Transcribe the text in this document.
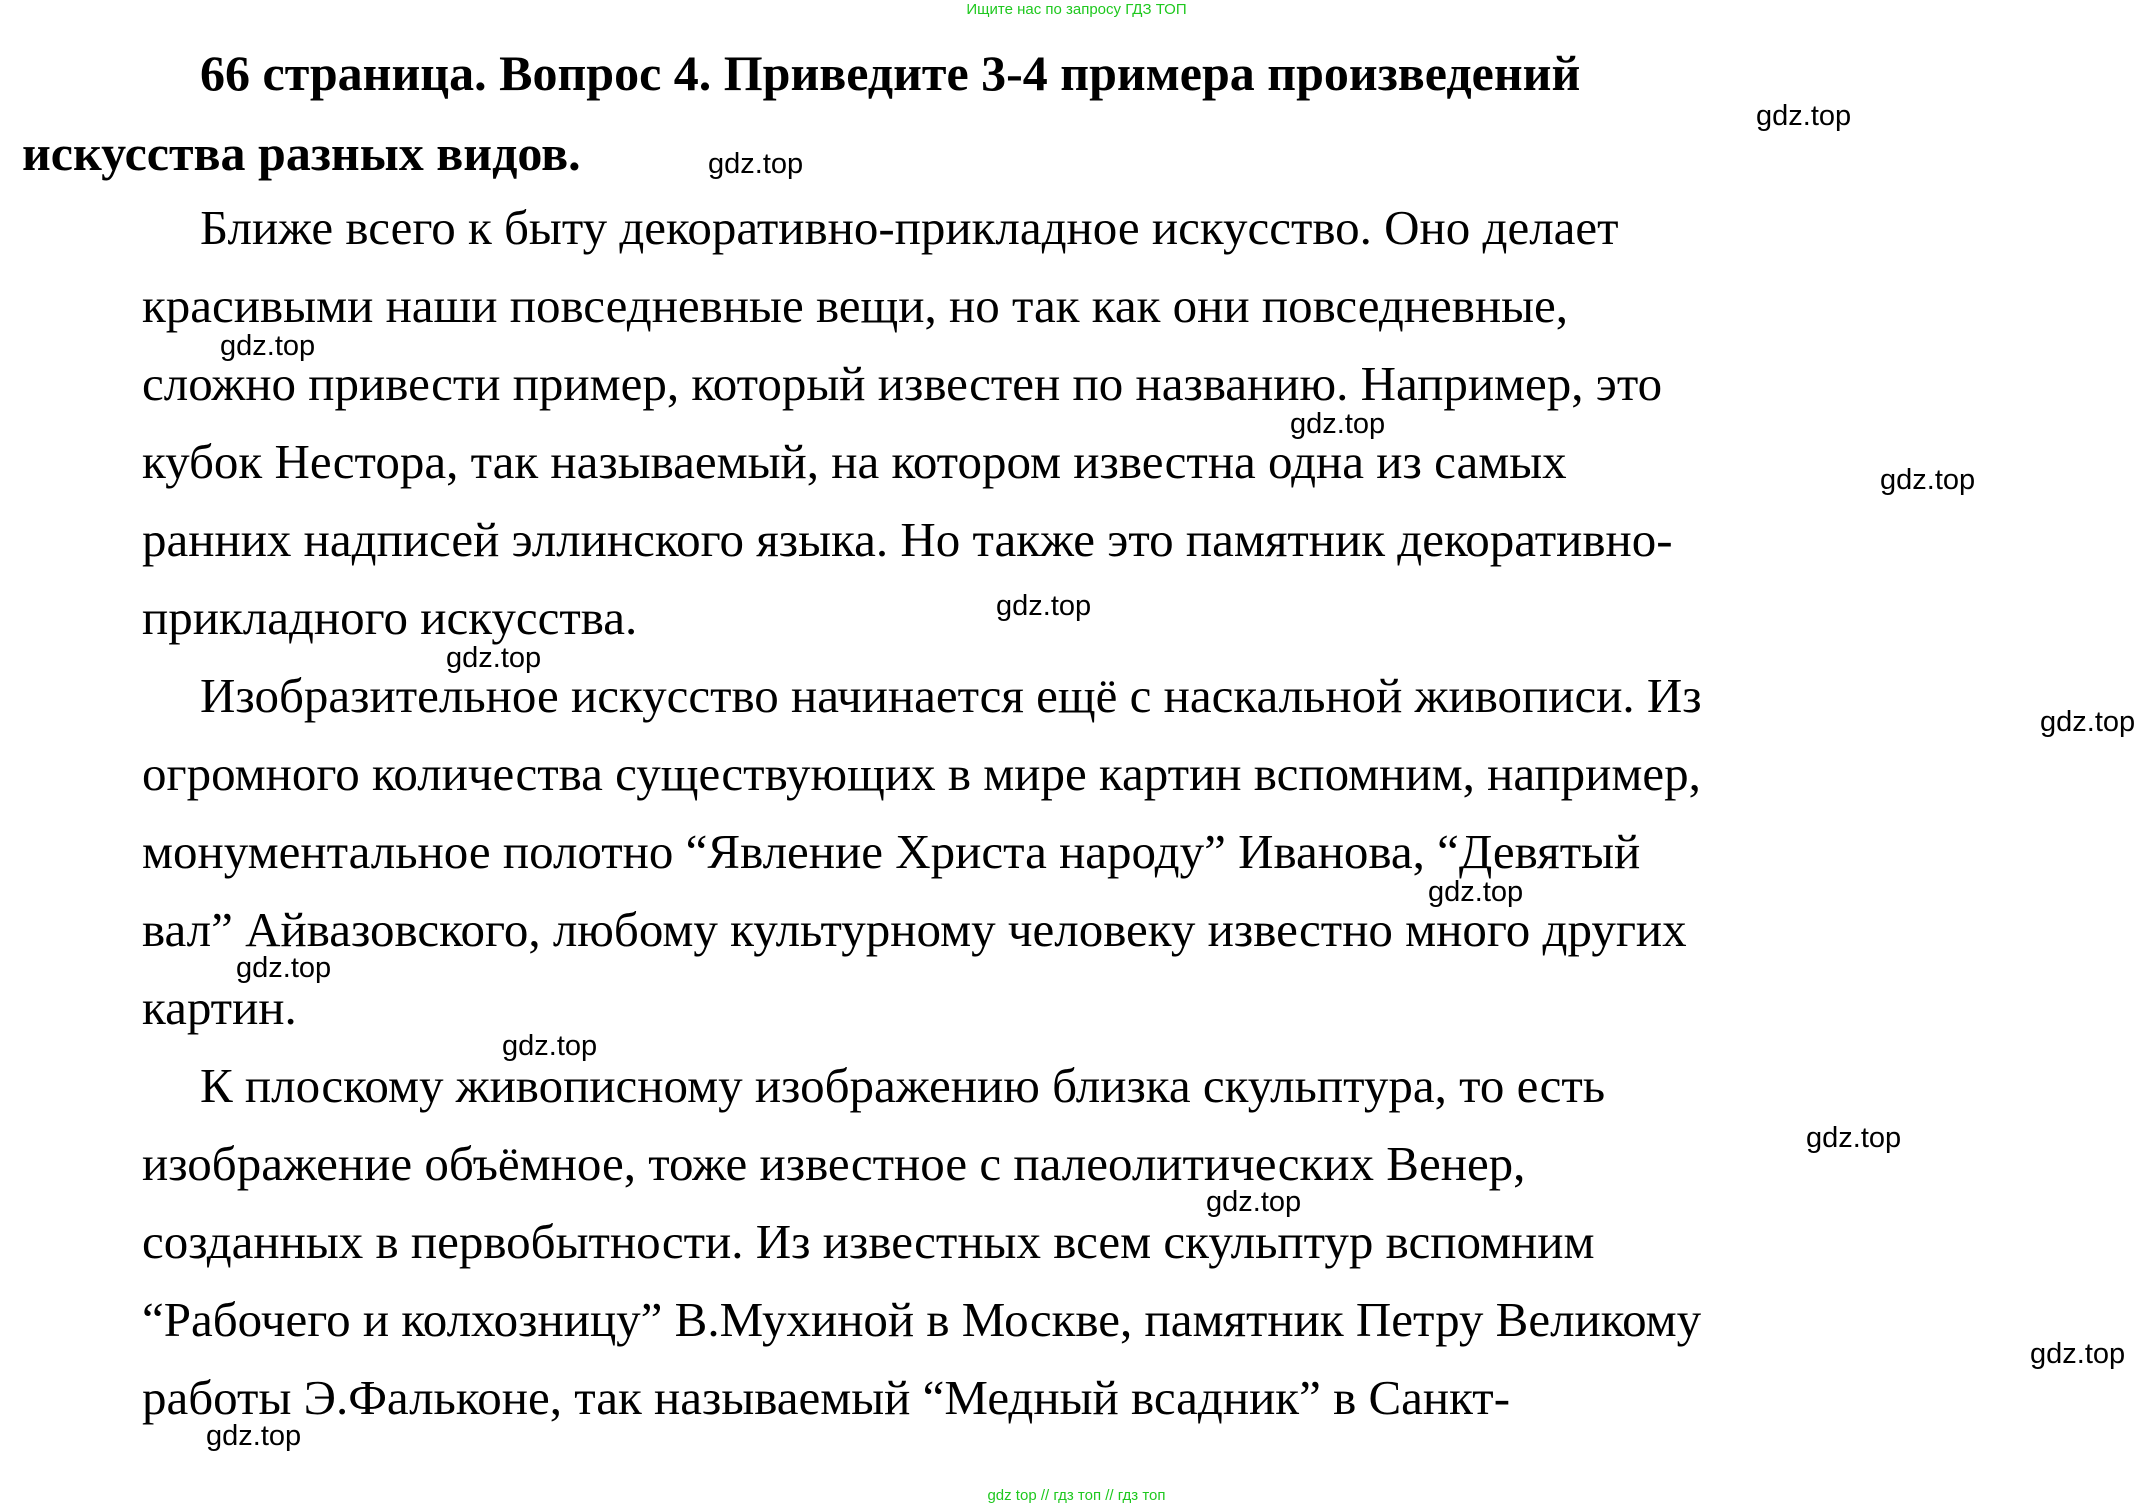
Ищите нас по запросу ГДЗ ТОП
66 страница. Вопрос 4. Приведите 3-4 примера произведений
искусства разных видов.
Ближе всего к быту декоративно-прикладное искусство. Оно делает
красивыми наши повседневные вещи, но так как они повседневные,
сложно привести пример, который известен по названию. Например, это
кубок Нестора, так называемый, на котором известна одна из самых
ранних надписей эллинского языка. Но также это памятник декоративно-
прикладного искусства.
Изобразительное искусство начинается ещё с наскальной живописи. Из
огромного количества существующих в мире картин вспомним, например,
монументальное полотно “Явление Христа народу” Иванова, “Девятый
вал” Айвазовского, любому культурному человеку известно много других
картин.
К плоскому живописному изображению близка скульптура, то есть
изображение объёмное, тоже известное с палеолитических Венер,
созданных в первобытности. Из известных всем скульптур вспомним
“Рабочего и колхозницу” В.Мухиной в Москве, памятник Петру Великому
работы Э.Фальконе, так называемый “Медный всадник” в Санкт-
gdz.top
gdz.top
gdz.top
gdz.top
gdz.top
gdz.top
gdz.top
gdz.top
gdz.top
gdz.top
gdz.top
gdz.top
gdz.top
gdz.top
gdz.top
gdz top // гдз топ // гдз топ
